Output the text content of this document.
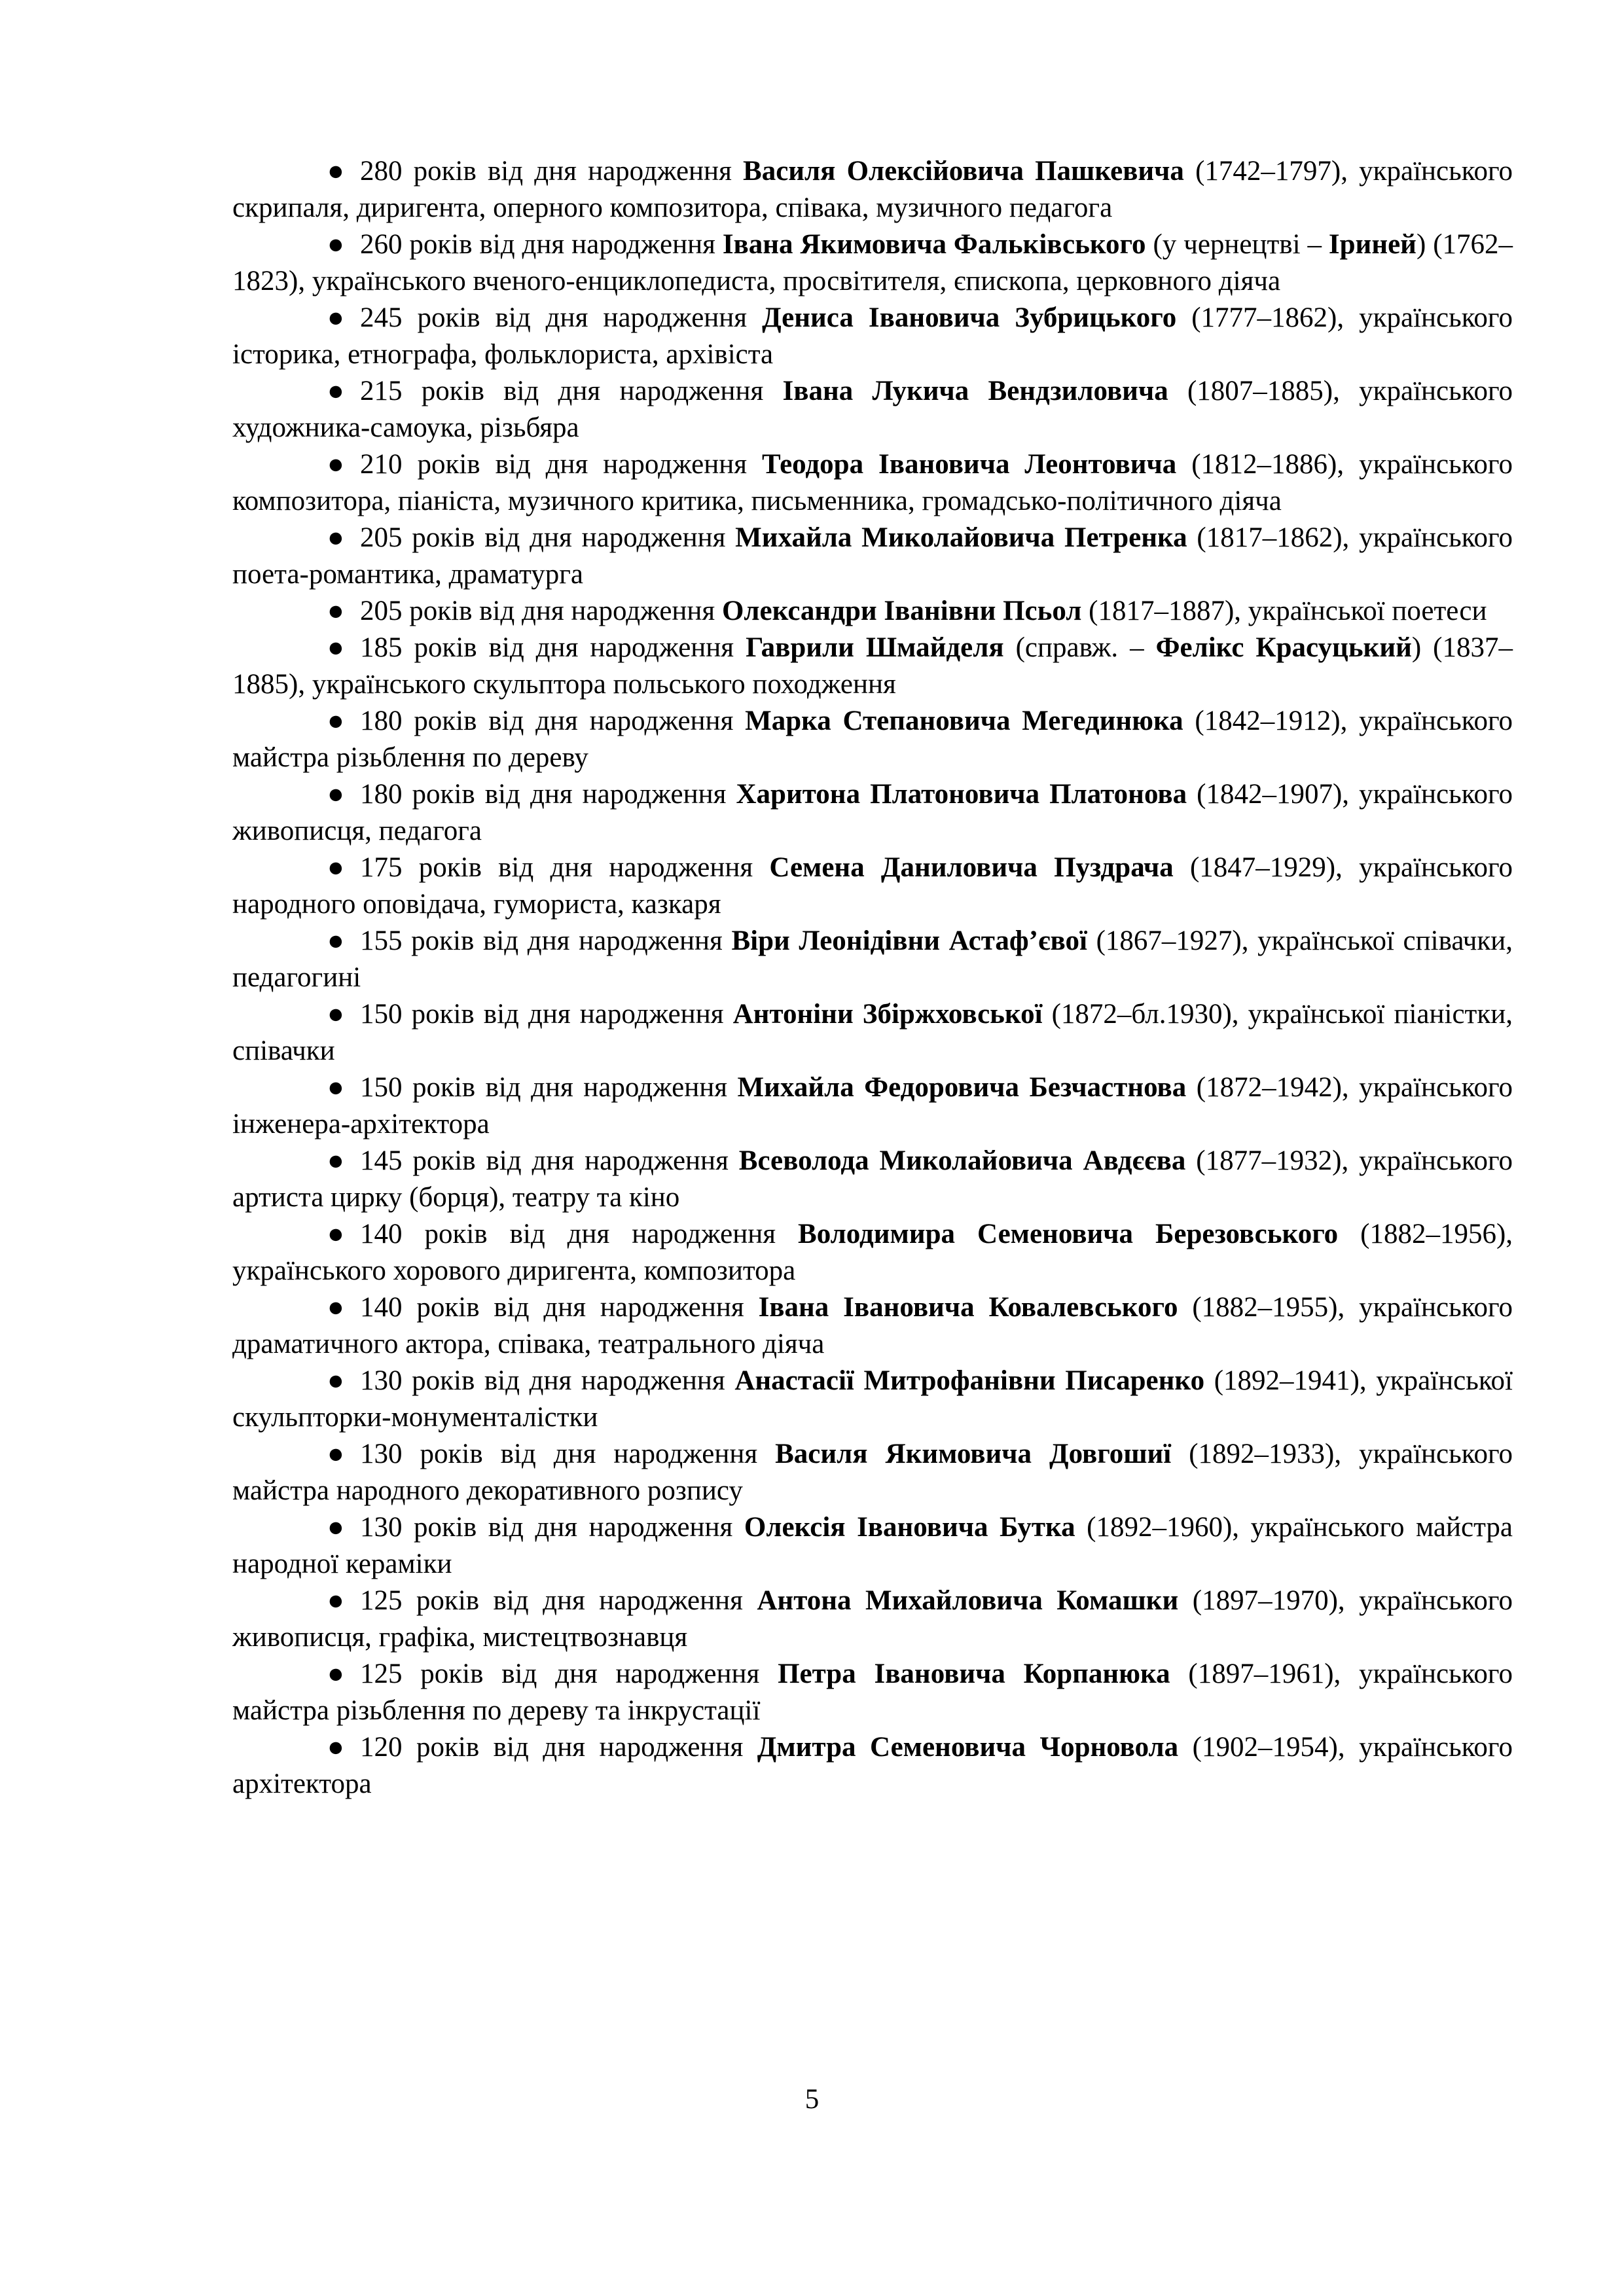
● 280 років від дня народження Василя Олексійовича Пашкевича (1742–1797), українського скрипаля, диригента, оперного композитора, співака, музичного педагога

● 260 років від дня народження Івана Якимовича Фальківського (у чернецтві – Іриней) (1762–1823), українського вченого-енциклопедиста, просвітителя, єпископа, церковного діяча

● 245 років від дня народження Дениса Івановича Зубрицького (1777–1862), українського історика, етнографа, фольклориста, архівіста

● 215 років від дня народження Івана Лукича Вендзиловича (1807–1885), українського художника-самоука, різьбяра

● 210 років від дня народження Теодора Івановича Леонтовича (1812–1886), українського композитора, піаніста, музичного критика, письменника, громадсько-політичного діяча

● 205 років від дня народження Михайла Миколайовича Петренка (1817–1862), українського поета-романтика, драматурга

● 205 років від дня народження Олександри Іванівни Псьол (1817–1887), української поетеси

● 185 років від дня народження Гаврили Шмайделя (справж. – Фелікс Красуцький) (1837–1885), українського скульптора польського походження

● 180 років від дня народження Марка Степановича Мегединюка (1842–1912), українського майстра різьблення по дереву

● 180 років від дня народження Харитона Платоновича Платонова (1842–1907), українського живописця, педагога

● 175 років від дня народження Семена Даниловича Пуздрача (1847–1929), українського народного оповідача, гумориста, казкаря

● 155 років від дня народження Віри Леонідівни Астаф’євої (1867–1927), української співачки, педагогині

● 150 років від дня народження Антоніни Збіржховської (1872–бл.1930), української піаністки, співачки

● 150 років від дня народження Михайла Федоровича Безчастнова (1872–1942), українського інженера-архітектора

● 145 років від дня народження Всеволода Миколайовича Авдєєва (1877–1932), українського артиста цирку (борця), театру та кіно

● 140 років від дня народження Володимира Семеновича Березовського (1882–1956), українського хорового диригента, композитора

● 140 років від дня народження Івана Івановича Ковалевського (1882–1955), українського драматичного актора, співака, театрального діяча

● 130 років від дня народження Анастасії Митрофанівни Писаренко (1892–1941), української скульпторки-монументалістки

● 130 років від дня народження Василя Якимовича Довгошиї (1892–1933), українського майстра народного декоративного розпису

● 130 років від дня народження Олексія Івановича Бутка (1892–1960), українського майстра народної кераміки

● 125 років від дня народження Антона Михайловича Комашки (1897–1970), українського живописця, графіка, мистецтвознавця

● 125 років від дня народження Петра Івановича Корпанюка (1897–1961), українського майстра різьблення по дереву та інкрустації

● 120 років від дня народження Дмитра Семеновича Чорновола (1902–1954), українського архітектора

5
